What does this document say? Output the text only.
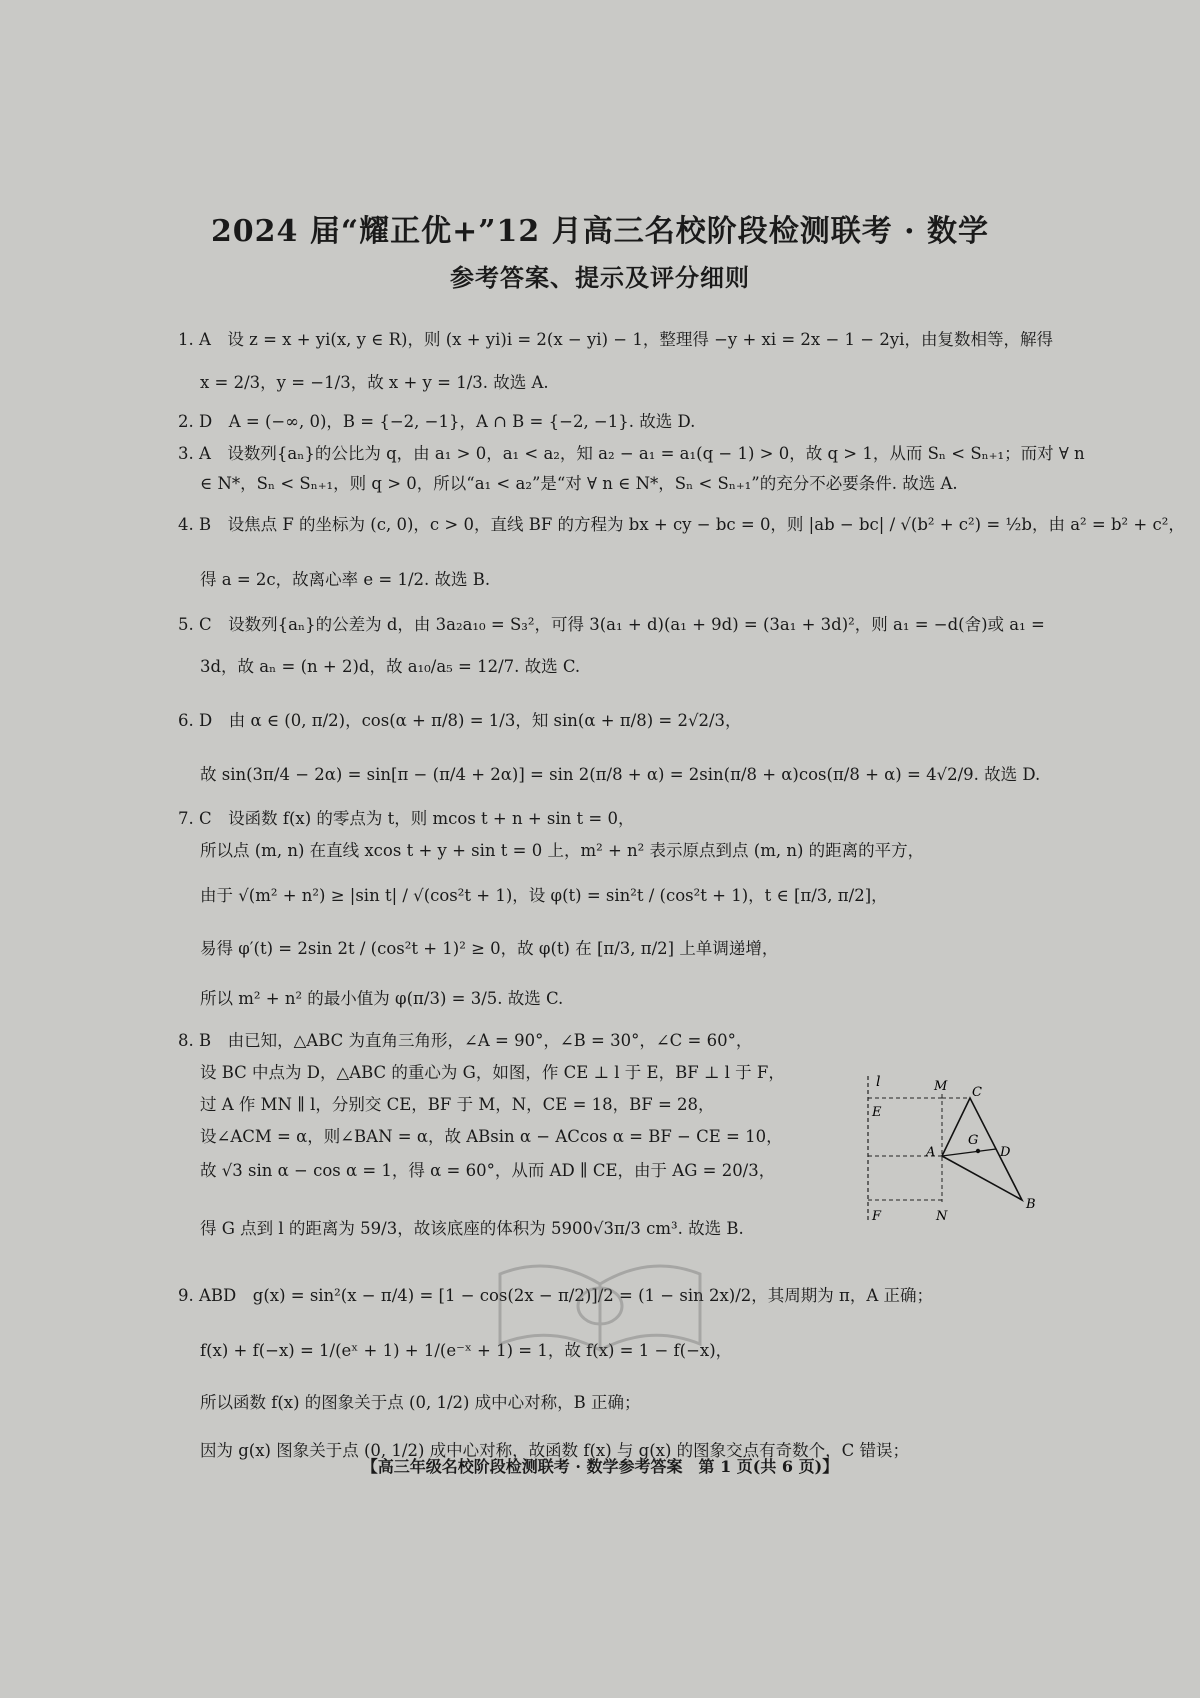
2024 届“耀正优+”12 月高三名校阶段检测联考 · 数学
参考答案、提示及评分细则
1. A　设 z = x + yi(x, y ∈ R)，则 (x + yi)i = 2(x − yi) − 1，整理得 −y + xi = 2x − 1 − 2yi，由复数相等，解得
x = 2/3，y = −1/3，故 x + y = 1/3. 故选 A.
2. D　A = (−∞, 0)，B = {−2, −1}，A ∩ B = {−2, −1}. 故选 D.
3. A　设数列{aₙ}的公比为 q，由 a₁ > 0，a₁ < a₂，知 a₂ − a₁ = a₁(q − 1) > 0，故 q > 1，从而 Sₙ < Sₙ₊₁；而对 ∀ n
∈ N*，Sₙ < Sₙ₊₁，则 q > 0，所以“a₁ < a₂”是“对 ∀ n ∈ N*，Sₙ < Sₙ₊₁”的充分不必要条件. 故选 A.
4. B　设焦点 F 的坐标为 (c, 0)，c > 0，直线 BF 的方程为 bx + cy − bc = 0，则 |ab − bc| / √(b² + c²) = ½b，由 a² = b² + c²，
得 a = 2c，故离心率 e = 1/2. 故选 B.
5. C　设数列{aₙ}的公差为 d，由 3a₂a₁₀ = S₃²，可得 3(a₁ + d)(a₁ + 9d) = (3a₁ + 3d)²，则 a₁ = −d(舍)或 a₁ =
3d，故 aₙ = (n + 2)d，故 a₁₀/a₅ = 12/7. 故选 C.
6. D　由 α ∈ (0, π/2)，cos(α + π/8) = 1/3，知 sin(α + π/8) = 2√2/3，
故 sin(3π/4 − 2α) = sin[π − (π/4 + 2α)] = sin 2(π/8 + α) = 2sin(π/8 + α)cos(π/8 + α) = 4√2/9. 故选 D.
7. C　设函数 f(x) 的零点为 t，则 mcos t + n + sin t = 0，
所以点 (m, n) 在直线 xcos t + y + sin t = 0 上，m² + n² 表示原点到点 (m, n) 的距离的平方，
由于 √(m² + n²) ≥ |sin t| / √(cos²t + 1)，设 φ(t) = sin²t / (cos²t + 1)，t ∈ [π/3, π/2]，
易得 φ′(t) = 2sin 2t / (cos²t + 1)² ≥ 0，故 φ(t) 在 [π/3, π/2] 上单调递增，
所以 m² + n² 的最小值为 φ(π/3) = 3/5. 故选 C.
8. B　由已知，△ABC 为直角三角形，∠A = 90°，∠B = 30°，∠C = 60°，
设 BC 中点为 D，△ABC 的重心为 G，如图，作 CE ⊥ l 于 E，BF ⊥ l 于 F，
过 A 作 MN ∥ l，分别交 CE，BF 于 M，N，CE = 18，BF = 28，
设∠ACM = α，则∠BAN = α，故 ABsin α − ACcos α = BF − CE = 10，
故 √3 sin α − cos α = 1，得 α = 60°，从而 AD ∥ CE，由于 AG = 20/3，
得 G 点到 l 的距离为 59/3，故该底座的体积为 5900√3π/3 cm³. 故选 B.
9. ABD　g(x) = sin²(x − π/4) = [1 − cos(2x − π/2)]/2 = (1 − sin 2x)/2，其周期为 π，A 正确；
f(x) + f(−x) = 1/(eˣ + 1) + 1/(e⁻ˣ + 1) = 1，故 f(x) = 1 − f(−x)，
所以函数 f(x) 的图象关于点 (0, 1/2) 成中心对称，B 正确；
因为 g(x) 图象关于点 (0, 1/2) 成中心对称，故函数 f(x) 与 g(x) 的图象交点有奇数个，C 错误；
l	M C
E
A
G
D
F	N
B
【高三年级名校阶段检测联考 · 数学参考答案　第 1 页(共 6 页)】
